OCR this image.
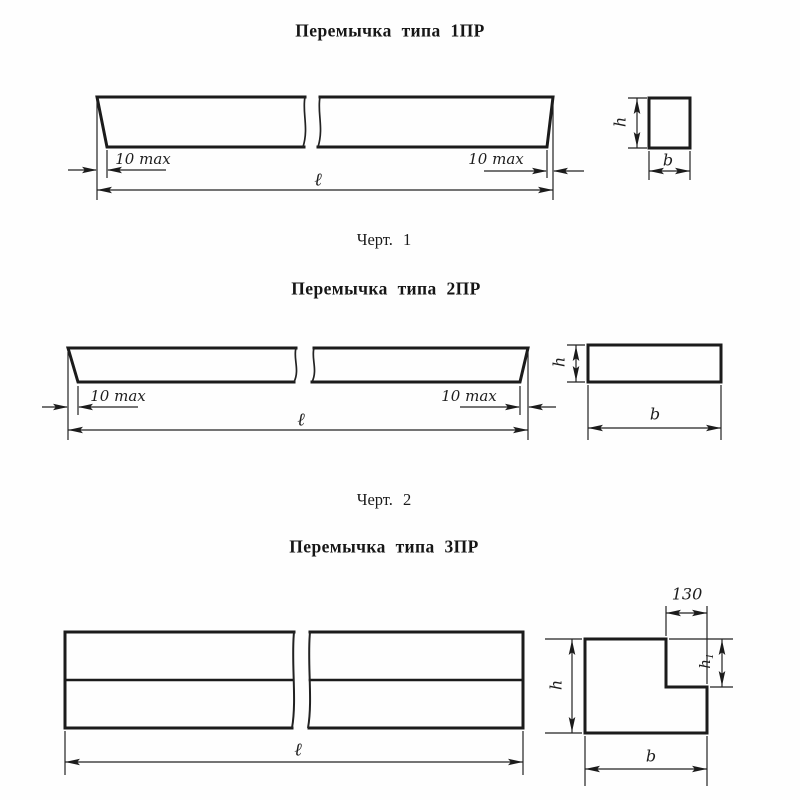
Перемычка типа 1ПР
10 max	10 max
ℓ
h
b
Черт. 1
Перемычка типа 2ПР
10 max	10 max
ℓ
h
b
Черт. 2
Перемычка типа 3ПР
ℓ
130
$h_1$
h
b
